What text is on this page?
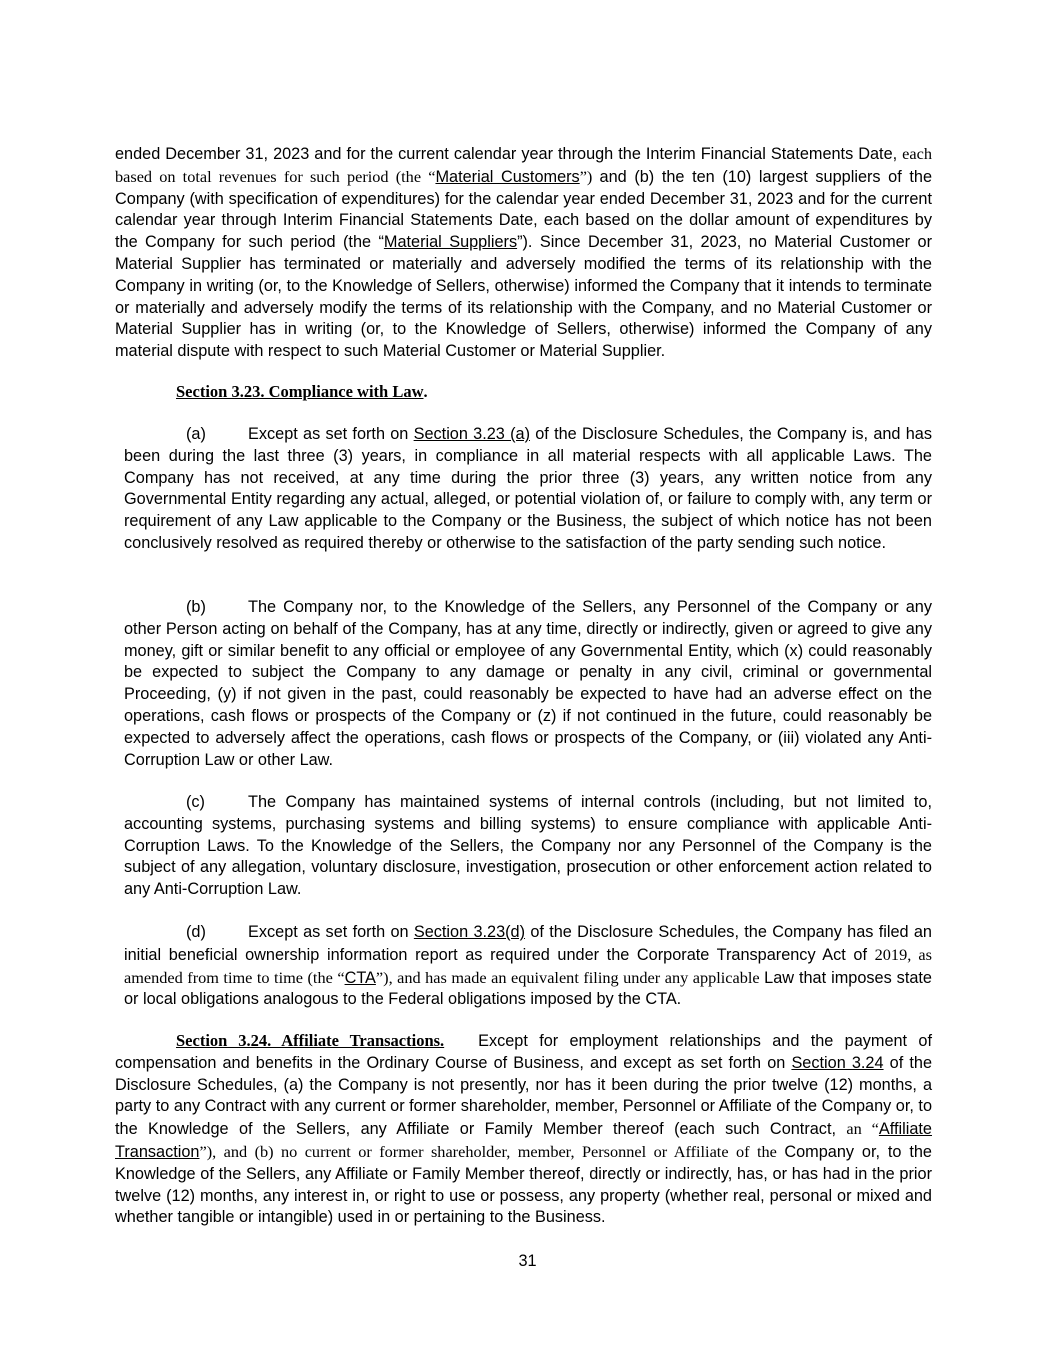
ended December 31, 2023 and for the current calendar year through the Interim Financial Statements Date, each based on total revenues for such period (the “Material Customers”) and (b) the ten (10) largest suppliers of the Company (with specification of expenditures) for the calendar year ended December 31, 2023 and for the current calendar year through Interim Financial Statements Date, each based on the dollar amount of expenditures by the Company for such period (the “Material Suppliers”). Since December 31, 2023, no Material Customer or Material Supplier has terminated or materially and adversely modified the terms of its relationship with the Company in writing (or, to the Knowledge of Sellers, otherwise) informed the Company that it intends to terminate or materially and adversely modify the terms of its relationship with the Company, and no Material Customer or Material Supplier has in writing (or, to the Knowledge of Sellers, otherwise) informed the Company of any material dispute with respect to such Material Customer or Material Supplier.
Section 3.23. Compliance with Law.
(a)	Except as set forth on Section 3.23 (a) of the Disclosure Schedules, the Company is, and has been during the last three (3) years, in compliance in all material respects with all applicable Laws. The Company has not received, at any time during the prior three (3) years, any written notice from any Governmental Entity regarding any actual, alleged, or potential violation of, or failure to comply with, any term or requirement of any Law applicable to the Company or the Business, the subject of which notice has not been conclusively resolved as required thereby or otherwise to the satisfaction of the party sending such notice.
(b)	The Company nor, to the Knowledge of the Sellers, any Personnel of the Company or any other Person acting on behalf of the Company, has at any time, directly or indirectly, given or agreed to give any money, gift or similar benefit to any official or employee of any Governmental Entity, which (x) could reasonably be expected to subject the Company to any damage or penalty in any civil, criminal or governmental Proceeding, (y) if not given in the past, could reasonably be expected to have had an adverse effect on the operations, cash flows or prospects of the Company or (z) if not continued in the future, could reasonably be expected to adversely affect the operations, cash flows or prospects of the Company, or (iii) violated any Anti- Corruption Law or other Law.
(c)	The Company has maintained systems of internal controls (including, but not limited to, accounting systems, purchasing systems and billing systems) to ensure compliance with applicable Anti-Corruption Laws. To the Knowledge of the Sellers, the Company nor any Personnel of the Company is the subject of any allegation, voluntary disclosure, investigation, prosecution or other enforcement action related to any Anti-Corruption Law.
(d)	Except as set forth on Section 3.23(d) of the Disclosure Schedules, the Company has filed an initial beneficial ownership information report as required under the Corporate Transparency Act of 2019, as amended from time to time (the “CTA”), and has made an equivalent filing under any applicable Law that imposes state or local obligations analogous to the Federal obligations imposed by the CTA.
Section 3.24. Affiliate Transactions. Except for employment relationships and the payment of compensation and benefits in the Ordinary Course of Business, and except as set forth on Section 3.24 of the Disclosure Schedules, (a) the Company is not presently, nor has it been during the prior twelve (12) months, a party to any Contract with any current or former shareholder, member, Personnel or Affiliate of the Company or, to the Knowledge of the Sellers, any Affiliate or Family Member thereof (each such Contract, an “Affiliate Transaction”), and (b) no current or former shareholder, member, Personnel or Affiliate of the Company or, to the Knowledge of the Sellers, any Affiliate or Family Member thereof, directly or indirectly, has, or has had in the prior twelve (12) months, any interest in, or right to use or possess, any property (whether real, personal or mixed and whether tangible or intangible) used in or pertaining to the Business.
31
